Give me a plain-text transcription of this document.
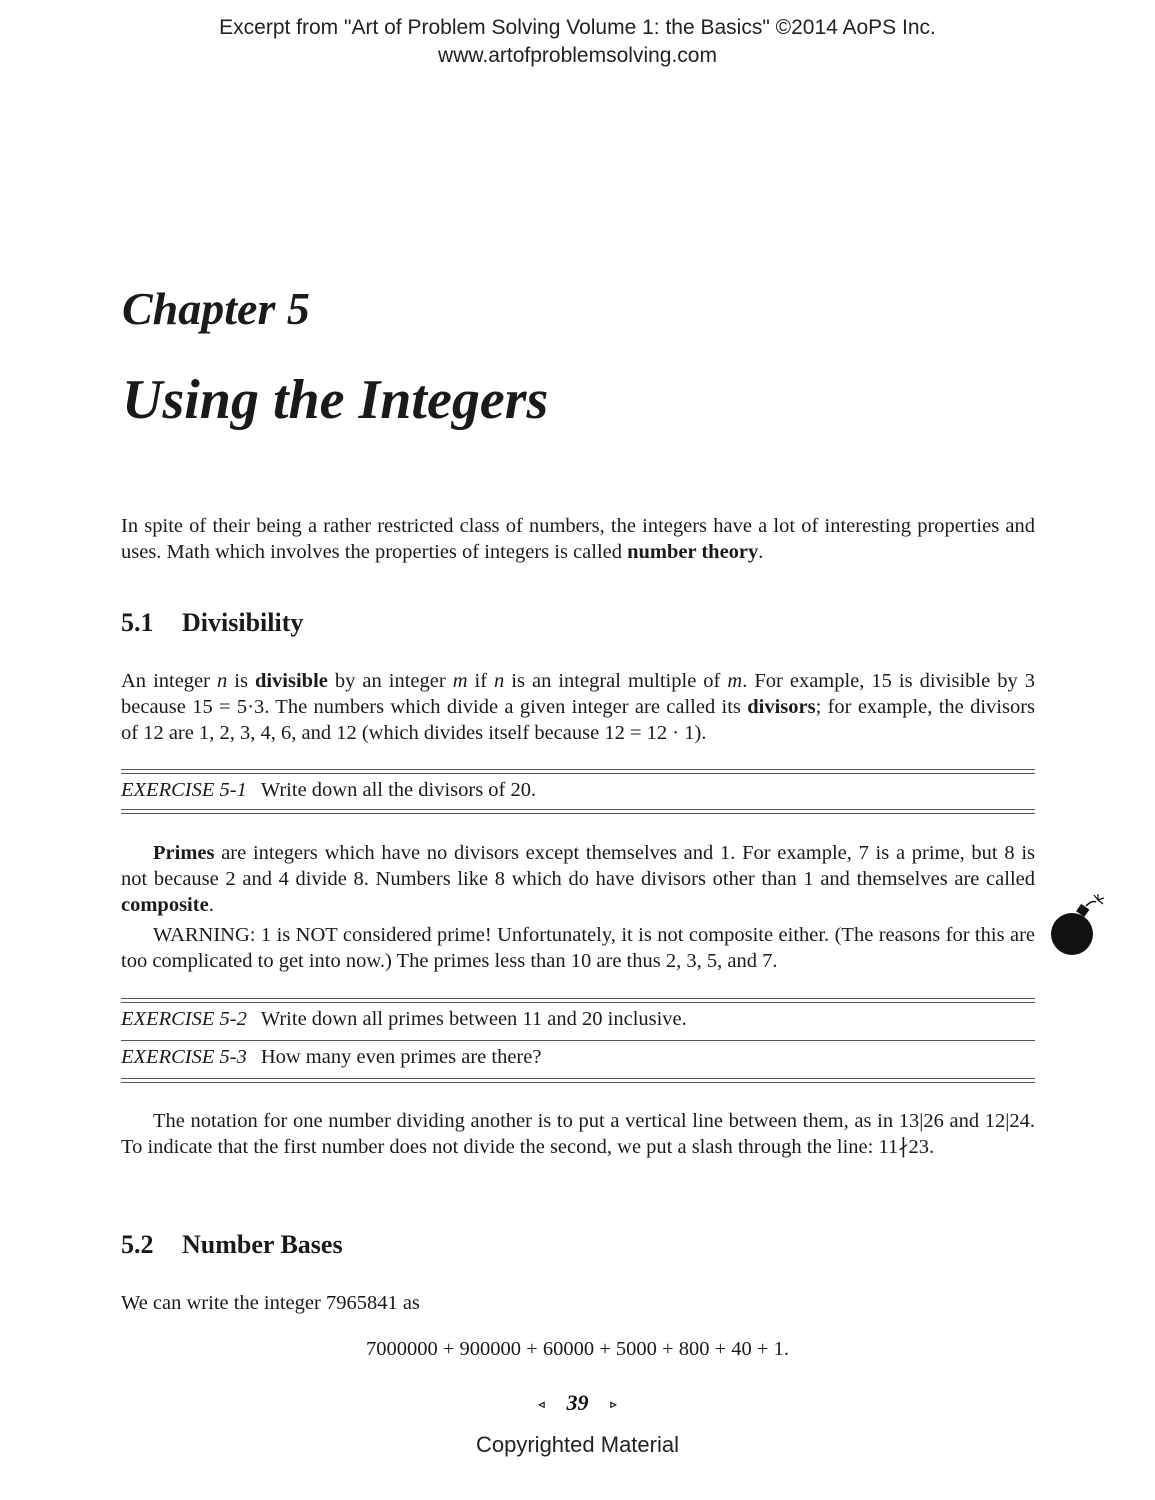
Excerpt from "Art of Problem Solving Volume 1: the Basics" ©2014 AoPS Inc.
www.artofproblemsolving.com
Chapter 5
Using the Integers

In spite of their being a rather restricted class of numbers, the integers have a lot of interesting properties and uses. Math which involves the properties of integers is called number theory.

5.1 Divisibility

An integer n is divisible by an integer m if n is an integral multiple of m. For example, 15 is divisible by 3 because 15 = 5·3. The numbers which divide a given integer are called its divisors; for example, the divisors of 12 are 1, 2, 3, 4, 6, and 12 (which divides itself because 12 = 12 · 1).

EXERCISE 5-1 Write down all the divisors of 20.

Primes are integers which have no divisors except themselves and 1. For example, 7 is a prime, but 8 is not because 2 and 4 divide 8. Numbers like 8 which do have divisors other than 1 and themselves are called composite.

WARNING: 1 is NOT considered prime! Unfortunately, it is not composite either. (The reasons for this are too complicated to get into now.) The primes less than 10 are thus 2, 3, 5, and 7.

EXERCISE 5-2 Write down all primes between 11 and 20 inclusive.

EXERCISE 5-3 How many even primes are there?

The notation for one number dividing another is to put a vertical line between them, as in 13|26 and 12|24. To indicate that the first number does not divide the second, we put a slash through the line: 11∤23.

5.2 Number Bases

We can write the integer 7965841 as

7000000 + 900000 + 60000 + 5000 + 800 + 40 + 1.

◃ 39 ▹
Copyrighted Material
